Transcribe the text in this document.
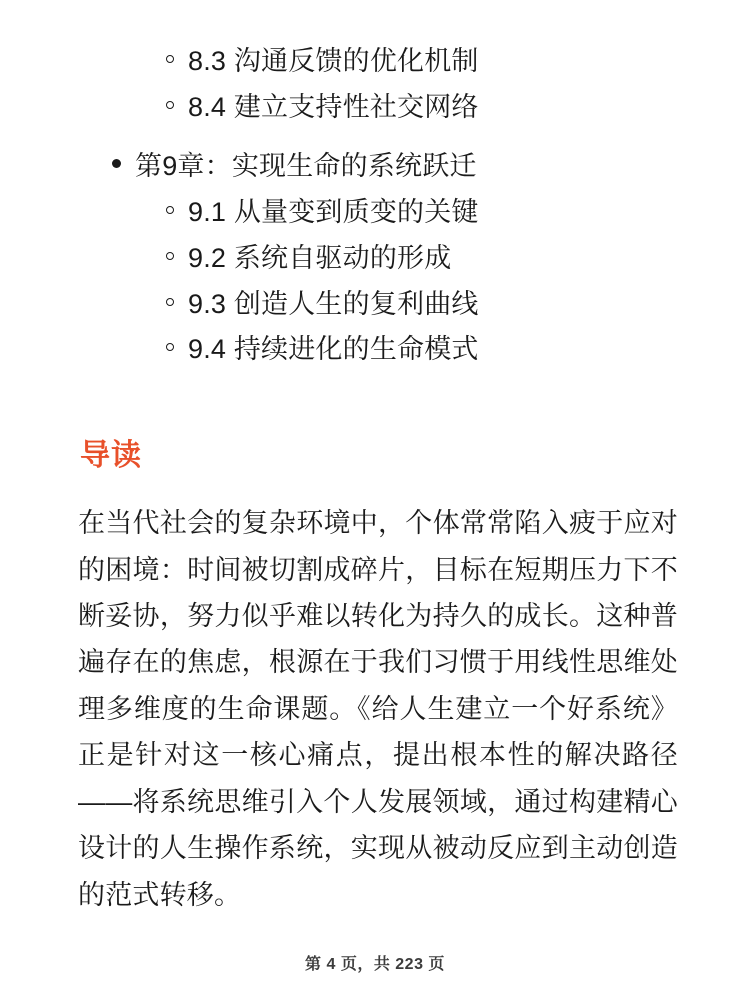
8.3 沟通反馈的优化机制
8.4 建立支持性社交网络
第9章：实现生命的系统跃迁
9.1 从量变到质变的关键
9.2 系统自驱动的形成
9.3 创造人生的复利曲线
9.4 持续进化的生命模式
导读

在当代社会的复杂环境中，个体常常陷入疲于应对的困境：时间被切割成碎片，目标在短期压力下不断妥协，努力似乎难以转化为持久的成长。这种普遍存在的焦虑，根源在于我们习惯于用线性思维处理多维度的生命课题。《给人生建立一个好系统》正是针对这一核心痛点，提出根本性的解决路径——将系统思维引入个人发展领域，通过构建精心设计的人生操作系统，实现从被动反应到主动创造的范式转移。

第 4 页，共 223 页
